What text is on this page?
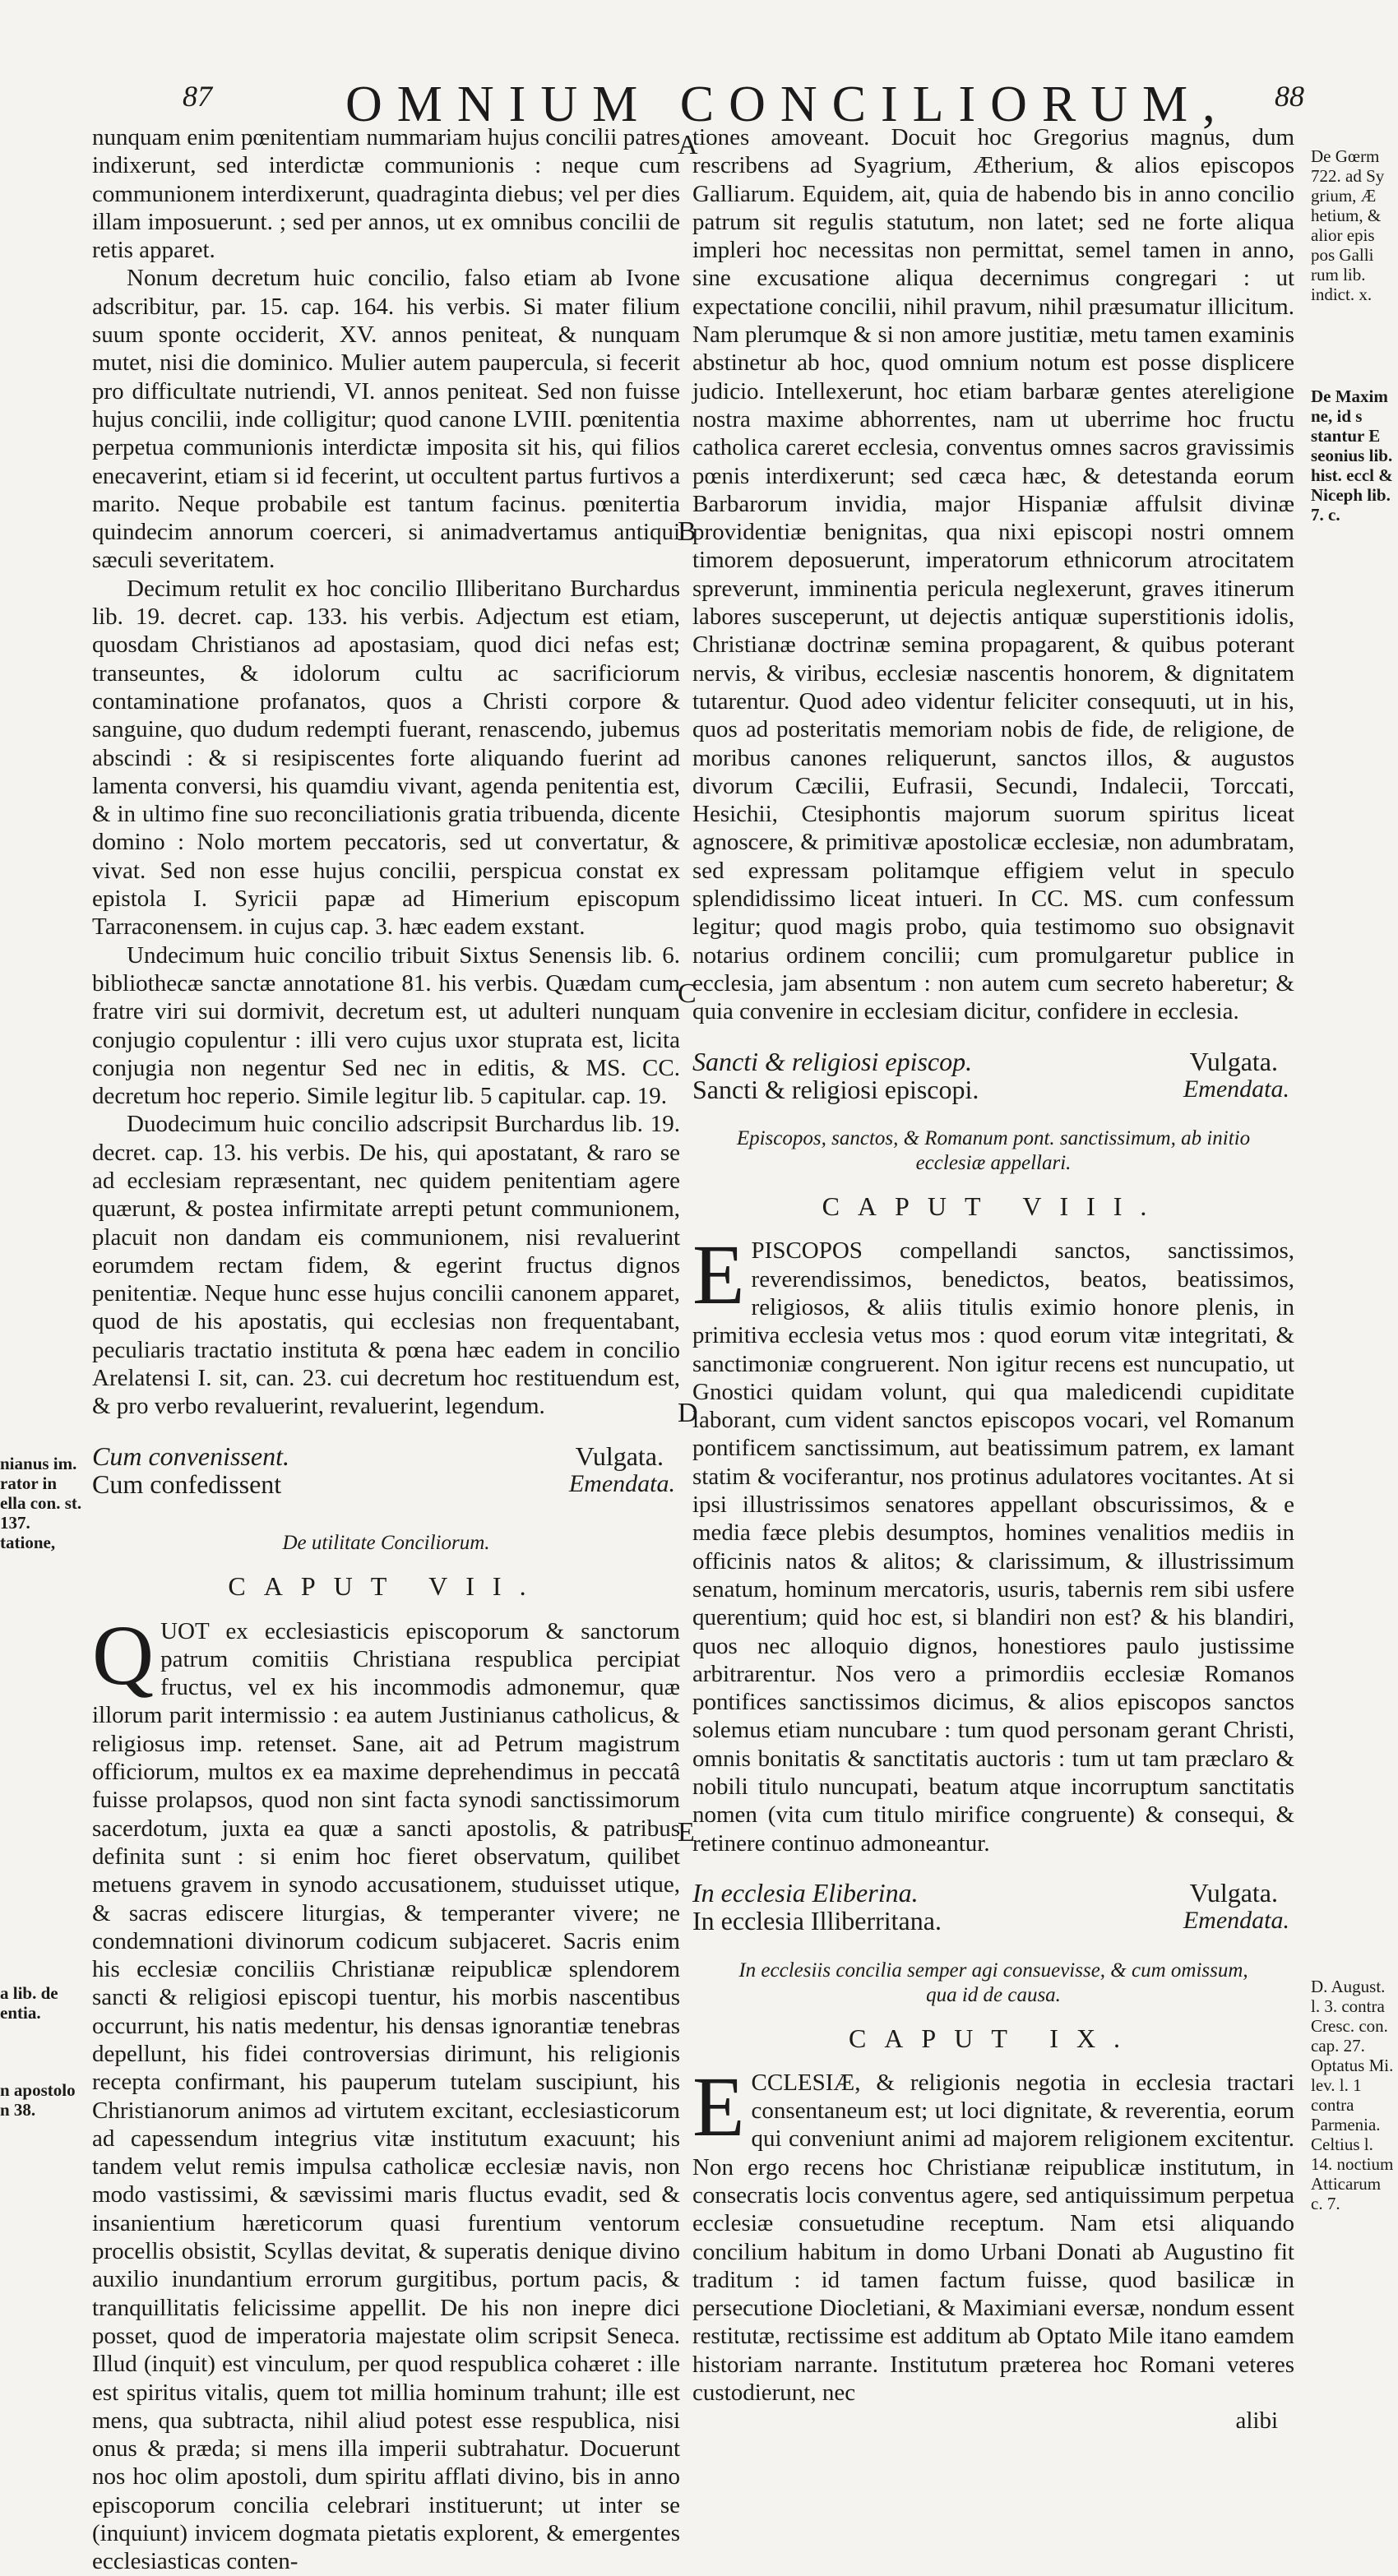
87	OMNIUM CONCILIORUM, 88
A
B
C
D
E
De Gœrm 722. ad Sy grium, Æ hetium, & alior epis pos Galli rum lib. indict. x.
De Maxim ne, id s stantur E seonius lib. hist. eccl & Niceph lib. 7. c.
D. August. l. 3. contra Cresc. con. cap. 27. Optatus Mi. lev. l. 1 contra Parmenia. Celtius l. 14. noctium Atticarum c. 7.
nianus im. rator in ella con. st. 137. tatione,
a lib. de entia.
n apostolo n 38.

nunquam enim pœnitentiam nummariam hujus concilii patres indixerunt, sed interdictæ communionis : neque cum communionem interdixerunt, quadraginta diebus; vel per dies illam imposuerunt. ; sed per annos, ut ex omnibus concilii de retis apparet.

Nonum decretum huic concilio, falso etiam ab Ivone adscribitur, par. 15. cap. 164. his verbis. Si mater filium suum sponte occiderit, XV. annos peniteat, & nunquam mutet, nisi die dominico. Mulier autem pauperculа, si fecerit pro difficultate nutriendi, VI. annos peniteat. Sed non fuisse hujus concilii, inde colligitur; quod canone LVIII. pœnitentia perpetua communionis interdictæ imposita sit his, qui filios enecaverint, etiam si id fecerint, ut occultent partus furtivos a marito. Neque probabile est tantum facinus. pœnitertia quindecim annorum coerceri, si animadvertamus antiqui sæculi severitatem.

Decimum retulit ex hoc concilio Illiberitano Burchardus lib. 19. decret. cap. 133. his verbis. Adjectum est etiam, quosdam Christianos ad apostasiam, quod dici nefas est; transeuntes, & idolorum cultu ac sacrificiorum contaminatione profanatos, quos a Christi corpore & sanguine, quo dudum redempti fuerant, renascendo, jubemus abscindi : & si resipiscentes forte aliquando fuerint ad lamenta conversi, his quamdiu vivant, agenda penitentia est, & in ultimo fine suo reconciliationis gratia tribuenda, dicente domino : Nolo mortem peccatoris, sed ut convertatur, & vivat. Sed non esse hujus concilii, perspicua constat ex epistola I. Syricii papæ ad Himerium episcopum Tarraconensem. in cujus cap. 3. hæc eadem exstant.

Undecimum huic concilio tribuit Sixtus Senensis lib. 6. bibliothecæ sanctæ annotatione 81. his verbis. Quædam cum fratre viri sui dormivit, decretum est, ut adulteri nunquam conjugio copulentur : illi vero cujus uxor stuprata est, licita conjugia non negentur Sed nec in editis, & MS. CC. decretum hoc reperio. Simile legitur lib. 5 capitular. cap. 19.

Duodecimum huic concilio adscripsit Burchardus lib. 19. decret. cap. 13. his verbis. De his, qui apostatant, & raro se ad ecclesiam repræsentant, nec quidem penitentiam agere quærunt, & postea infirmitate arrepti petunt communionem, placuit non dandam eis communionem, nisi revaluerint eorumdem rectam fidem, & egerint fructus dignos penitentiæ. Neque hunc esse hujus concilii canonem apparet, quod de his apostatis, qui ecclesias non frequentabant, peculiaris tractatio instituta & pœna hæc eadem in concilio Arelatensi I. sit, can. 23. cui decretum hoc restituendum est, & pro verbo revaluerint, revaluerint, legendum.

Cum convenissent.	Vulgata.
Cum confedissent	Emendata.
De utilitate Conciliorum.
CAPUT VII.

QUOT ex ecclesiasticis episcoporum & sanctorum patrum comitiis Christiana respublica percipiat fructus, vel ex his incommodis admonemur, quæ illorum parit intermissio : ea autem Justinianus catholicus, & religiosus imp. retenset. Sane, ait ad Petrum magistrum officiorum, multos ex ea maxime deprehendimus in peccatâ fuisse prolapsos, quod non sint facta synodi sanctissimorum sacerdotum, juxta ea quæ a sancti apostolis, & patribus definita sunt : si enim hoc fieret observatum, quilibet metuens gravem in synodo accusationem, studuisset utique, & sacras ediscere liturgias, & temperanter vivere; ne condemnationi divinorum codicum subjaceret. Sacris enim his ecclesiæ conciliis Christianæ reipublicæ splendorem sancti & religiosi episcopi tuentur, his morbis nascentibus occurrunt, his natis medentur, his densas ignorantiæ tenebras depellunt, his fidei controversias dirimunt, his religionis recepta confirmant, his pauperum tutelam suscipiunt, his Christianorum animos ad virtutem excitant, ecclesiasticorum ad capessendum integrius vitæ institutum exacuunt; his tandem velut remis impulsa catholicæ ecclesiæ navis, non modo vastissimi, & sævissimi maris fluctus evadit, sed & insanientium hæreticorum quasi furentium ventorum procellis obsistit, Scyllas devitat, & superatis denique divino auxilio inundantium errorum gurgitibus, portum pacis, & tranquillitatis felicissime appellit. De his non inepre dici posset, quod de imperatoria majestate olim scripsit Seneca. Illud (inquit) est vinculum, per quod respublica cohæret : ille est spiritus vitalis, quem tot millia hominum trahunt; ille est mens, qua subtracta, nihil aliud potest esse respublica, nisi onus & præda; si mens illa imperii subtrahatur. Docuerunt nos hoc olim apostoli, dum spiritu afflati divino, bis in anno episcoporum concilia celebrari instituerunt; ut inter se (inquiunt) invicem dogmata pietatis explorent, & emergentes ecclesiasticas conten-

tiones amoveant. Docuit hoc Gregorius magnus, dum rescribens ad Syagrium, Ætherium, & alios episcopos Galliarum. Equidem, ait, quia de habendo bis in anno concilio patrum sit regulis statutum, non latet; sed ne forte aliqua impleri hoc necessitas non permittat, semel tamen in anno, sine excusatione aliqua decernimus congregari : ut expectatione concilii, nihil pravum, nihil præsumatur illicitum. Nam plerumque & si non amore justitiæ, metu tamen examinis abstinetur ab hoc, quod omnium notum est posse displicere judicio. Intellexerunt, hoc etiam barbaræ gentes atereligione nostra maxime abhorrentes, nam ut uberrime hoc fructu catholica careret ecclesia, conventus omnes sacros gravissimis pœnis interdixerunt; sed cæca hæc, & detestanda eorum Barbarorum invidia, major Hispaniæ affulsit divinæ providentiæ benignitas, qua nixi episcopi nostri omnem timorem deposuerunt, imperatorum ethnicorum atrocitatem spreverunt, imminentia pericula neglexerunt, graves itinerum labores susceperunt, ut dejectis antiquæ superstitionis idolis, Christianæ doctrinæ semina propagarent, & quibus poterant nervis, & viribus, ecclesiæ nascentis honorem, & dignitatem tutarentur. Quod adeo videntur feliciter consequuti, ut in his, quos ad posteritatis memoriam nobis de fide, de religione, de moribus canones reliquerunt, sanctos illos, & augustos divorum Cæcilii, Eufrasii, Secundi, Indalecii, Torcсati, Hesichii, Ctesiphontis majorum suorum spiritus liceat agnoscere, & primitivæ apostolicæ ecclesiæ, non adumbratam, sed expressam politamque effigiem velut in speculo splendidissimo liceat intueri. In CC. MS. cum confessum legitur; quod magis probo, quia testimomo suo obsignavit notarius ordinem concilii; cum promulgaretur publice in ecclesia, jam absentum : non autem cum secreto haberetur; & quia convenire in ecclesiam dicitur, confidere in ecclesia.

Sancti & religiosi episcop.	Vulgata.
Sancti & religiosi episcopi.	Emendata.
Episcopos, sanctos, & Romanum pont. sanctissimum, ab initio ecclesiæ appellari.
CAPUT VIII.

EPISCOPOS compellandi sanctos, sanctissimos, reverendissimos, benedictos, beatos, beatissimos, religiosos, & aliis titulis eximio honore plenis, in primitiva ecclesia vetus mos : quod eorum vitæ integritati, & sanctimoniæ congruerent. Non igitur recens est nuncupatio, ut Gnostici quidam volunt, qui qua maledicendi cupiditate laborant, cum vident sanctos episcopos vocari, vel Romanum pontificem sanctissimum, aut beatissimum patrem, ex lamant statim & vociferantur, nos protinus adulatores vocitantes. At si ipsi illustrissimos senatores appellant obscurissimos, & e media fæce plebis desumptos, homines venalitios mediis in officinis natos & alitos; & clarissimum, & illustrissimum senatum, hominum mercatoris, usuris, tabernis rem sibi usfere querentium; quid hoc est, si blandiri non est? & his blandiri, quos nec alloquio dignos, honestiores paulo justissime arbitrarentur. Nos vero a primordiis ecclesiæ Romanos pontifices sanctissimos dicimus, & alios episcopos sanctos solemus etiam nuncubare : tum quod personam gerant Christi, omnis bonitatis & sanctitatis auctoris : tum ut tam præclaro & nobili titulo nuncupati, beatum atque incorruptum sanctitatis nomen (vita cum titulo mirifice congruente) & consequi, & retinere continuo admoneantur.

In ecclesia Eliberina.	Vulgata.
In ecclesia Illiberritana.	Emendata.
In ecclesiis concilia semper agi consuevisse, & cum omissum, qua id de causa.
CAPUT IX.

ECCLESIÆ, & religionis negotia in ecclesia tractari consentaneum est; ut loci dignitate, & reverentia, eorum qui conveniunt animi ad majorem religionem excitentur. Non ergo recens hoc Christianæ reipublicæ institutum, in consecratis locis conventus agere, sed antiquissimum perpetua ecclesiæ consuetudine receptum. Nam etsi aliquando concilium habitum in domo Urbani Donati ab Augustino fit traditum : id tamen factum fuisse, quod basilicæ in persecutione Diocletiani, & Maximiani eversæ, nondum essent restitutæ, rectissime est additum ab Optato Mile itano eamdem historiam narrante. Institutum præterea hoc Romani veteres custodierunt, nec

alibi
